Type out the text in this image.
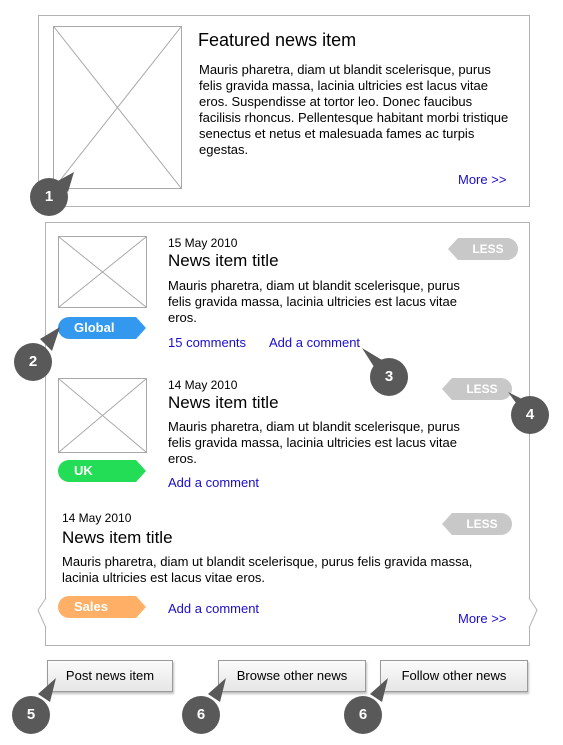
Featured news item
Mauris pharetra, diam ut blandit scelerisque, purus felis gravida massa, lacinia ultricies est lacus vitae eros. Suspendisse at tortor leo. Donec faucibus facilisis rhoncus. Pellentesque habitant morbi tristique senectus et netus et malesuada fames ac turpis egestas.
More >>
Global
15 May 2010
News item title
Mauris pharetra, diam ut blandit scelerisque, purus felis gravida massa, lacinia ultricies est lacus vitae eros.
15 comments Add a comment
LESS
UK
14 May 2010
News item title
Mauris pharetra, diam ut blandit scelerisque, purus felis gravida massa, lacinia ultricies est lacus vitae eros.
Add a comment
LESS
14 May 2010
News item title
Mauris pharetra, diam ut blandit scelerisque, purus felis gravida massa, lacinia ultricies est lacus vitae eros.
Sales	Add a comment
LESS
More >>
Post news item	Browse other news	Follow other news
1
2
3
4
5	6	6
